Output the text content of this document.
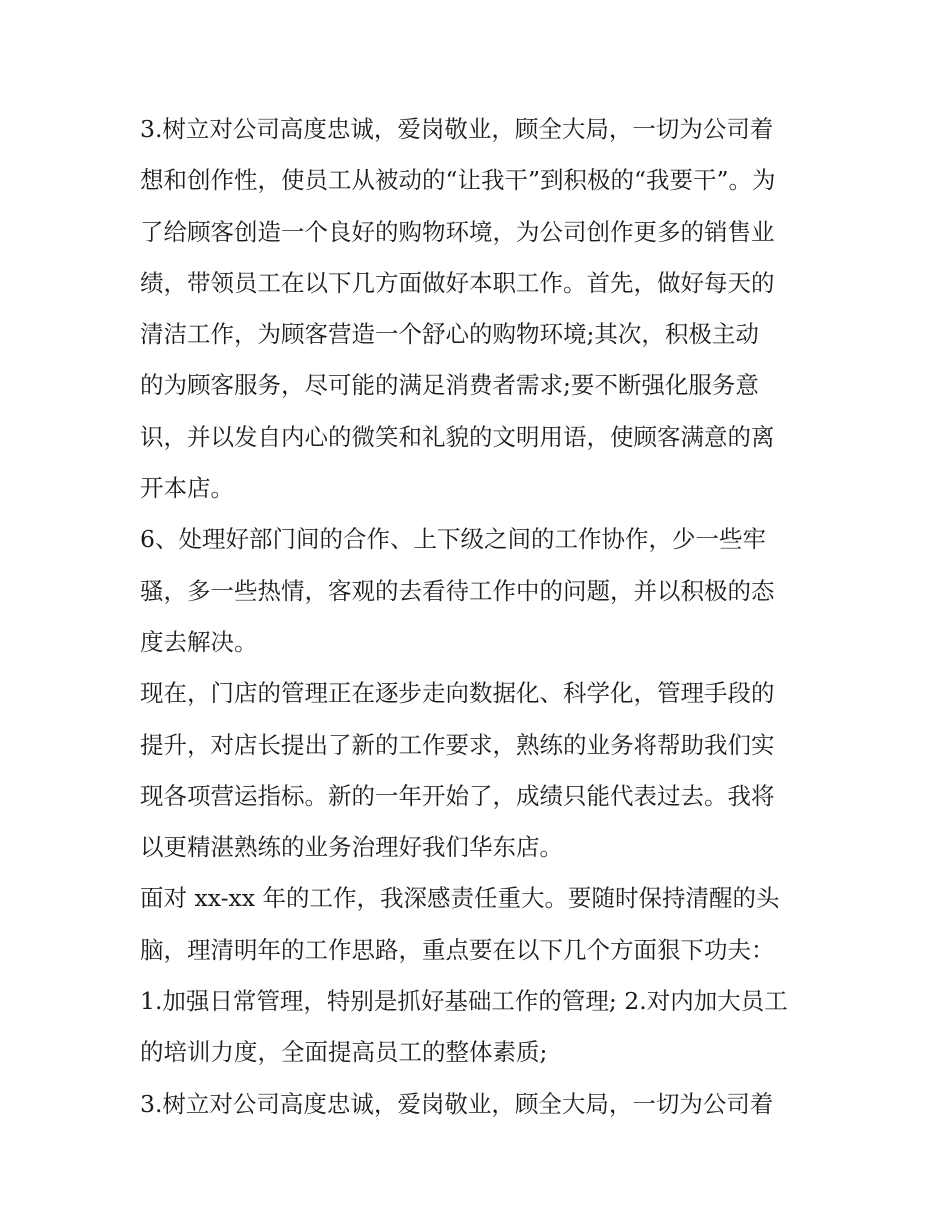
3.树立对公司高度忠诚，爱岗敬业，顾全大局，一切为公司着
想和创作性，使员工从被动的“让我干”到积极的“我要干”。为
了给顾客创造一个良好的购物环境，为公司创作更多的销售业
绩，带领员工在以下几方面做好本职工作。首先，做好每天的
清洁工作，为顾客营造一个舒心的购物环境;其次，积极主动
的为顾客服务，尽可能的满足消费者需求;要不断强化服务意
识，并以发自内心的微笑和礼貌的文明用语，使顾客满意的离
开本店。

6、处理好部门间的合作、上下级之间的工作协作，少一些牢
骚，多一些热情，客观的去看待工作中的问题，并以积极的态
度去解决。

现在，门店的管理正在逐步走向数据化、科学化，管理手段的
提升，对店长提出了新的工作要求，熟练的业务将帮助我们实
现各项营运指标。新的一年开始了，成绩只能代表过去。我将
以更精湛熟练的业务治理好我们华东店。

面对 xx-xx 年的工作，我深感责任重大。要随时保持清醒的头
脑，理清明年的工作思路，重点要在以下几个方面狠下功夫：
1.加强日常管理，特别是抓好基础工作的管理; 2.对内加大员工
的培训力度，全面提高员工的整体素质;

3.树立对公司高度忠诚，爱岗敬业，顾全大局，一切为公司着
